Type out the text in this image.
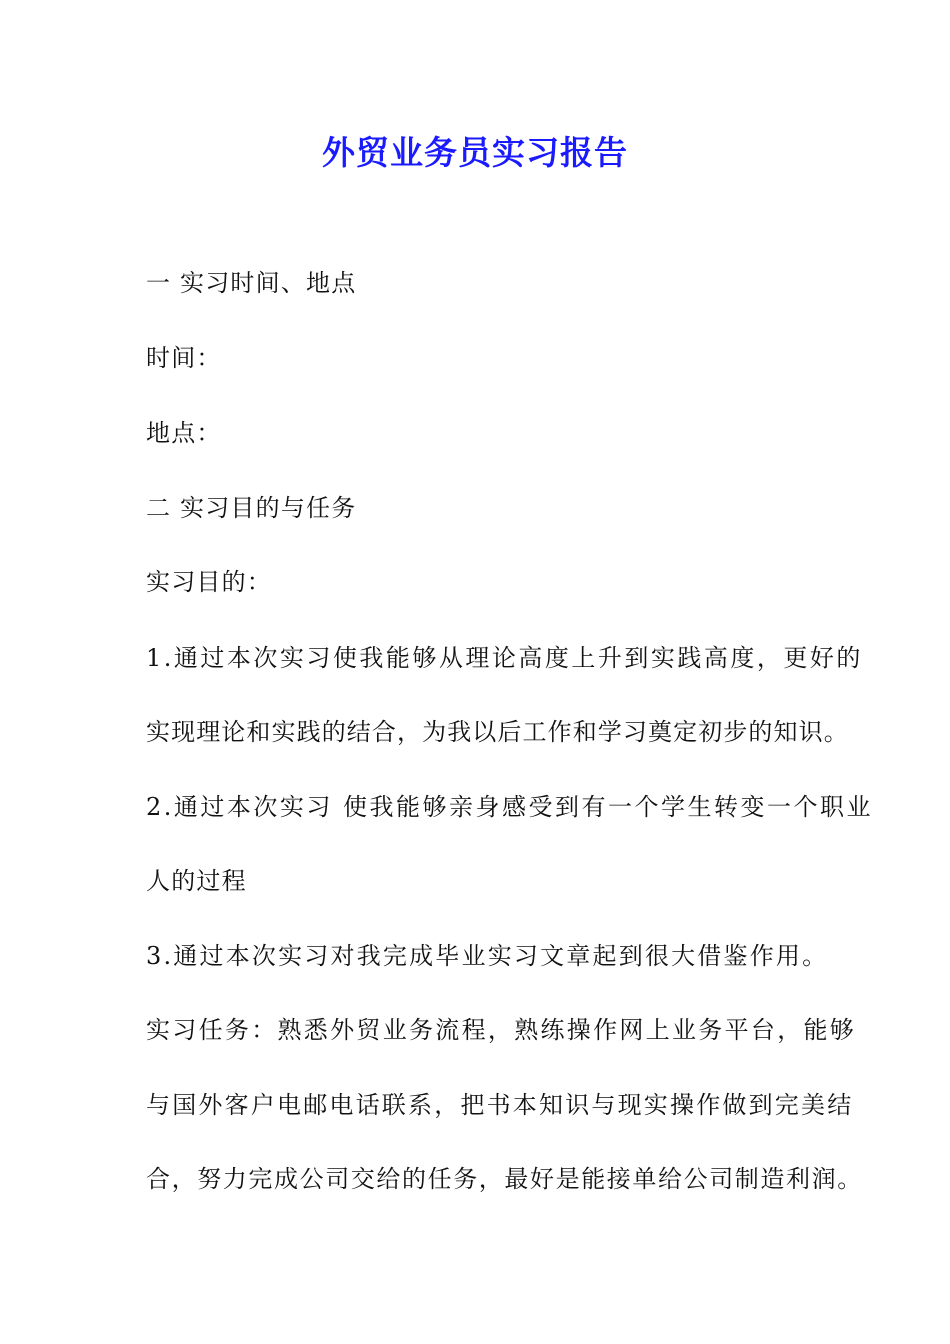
外贸业务员实习报告
一 实习时间、地点
时间：
地点：
二 实习目的与任务
实习目的：
1.通过本次实习使我能够从理论高度上升到实践高度，更好的
实现理论和实践的结合，为我以后工作和学习奠定初步的知识。
2.通过本次实习 使我能够亲身感受到有一个学生转变一个职业
人的过程
3.通过本次实习对我完成毕业实习文章起到很大借鉴作用。
实习任务：熟悉外贸业务流程，熟练操作网上业务平台，能够
与国外客户电邮电话联系，把书本知识与现实操作做到完美结
合，努力完成公司交给的任务，最好是能接单给公司制造利润。
